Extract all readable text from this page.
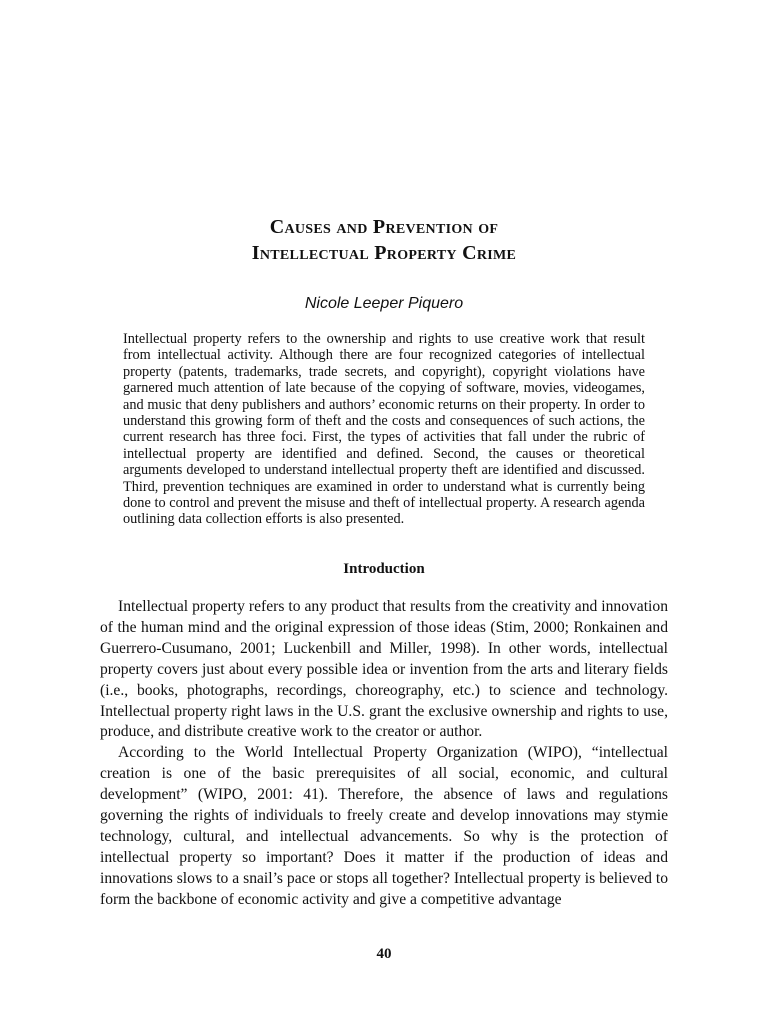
Causes and Prevention of
Intellectual Property Crime
Nicole Leeper Piquero

Intellectual property refers to the ownership and rights to use creative work that result from intellectual activity. Although there are four recognized categories of intellectual property (patents, trademarks, trade secrets, and copyright), copyright violations have garnered much attention of late because of the copying of software, movies, videogames, and music that deny publishers and authors’ economic returns on their property. In order to understand this growing form of theft and the costs and consequences of such actions, the current research has three foci. First, the types of activities that fall under the rubric of intellectual property are identified and defined. Second, the causes or theoretical arguments developed to understand intellectual property theft are identified and discussed. Third, prevention techniques are examined in order to understand what is currently being done to control and prevent the misuse and theft of intellectual property. A research agenda outlining data collection efforts is also presented.

Introduction

Intellectual property refers to any product that results from the creativity and innovation of the human mind and the original expression of those ideas (Stim, 2000; Ronkainen and Guerrero-Cusumano, 2001; Luckenbill and Miller, 1998). In other words, intellectual property covers just about every possible idea or invention from the arts and literary fields (i.e., books, photographs, recordings, choreography, etc.) to science and technology. Intellectual property right laws in the U.S. grant the exclusive ownership and rights to use, produce, and distribute creative work to the creator or author.

According to the World Intellectual Property Organization (WIPO), “intellectual creation is one of the basic prerequisites of all social, economic, and cultural development” (WIPO, 2001: 41). Therefore, the absence of laws and regulations governing the rights of individuals to freely create and develop innovations may stymie technology, cultural, and intellectual advancements. So why is the protection of intellectual property so important? Does it matter if the production of ideas and innovations slows to a snail’s pace or stops all together? Intellectual property is believed to form the backbone of economic activity and give a competitive advantage

40
